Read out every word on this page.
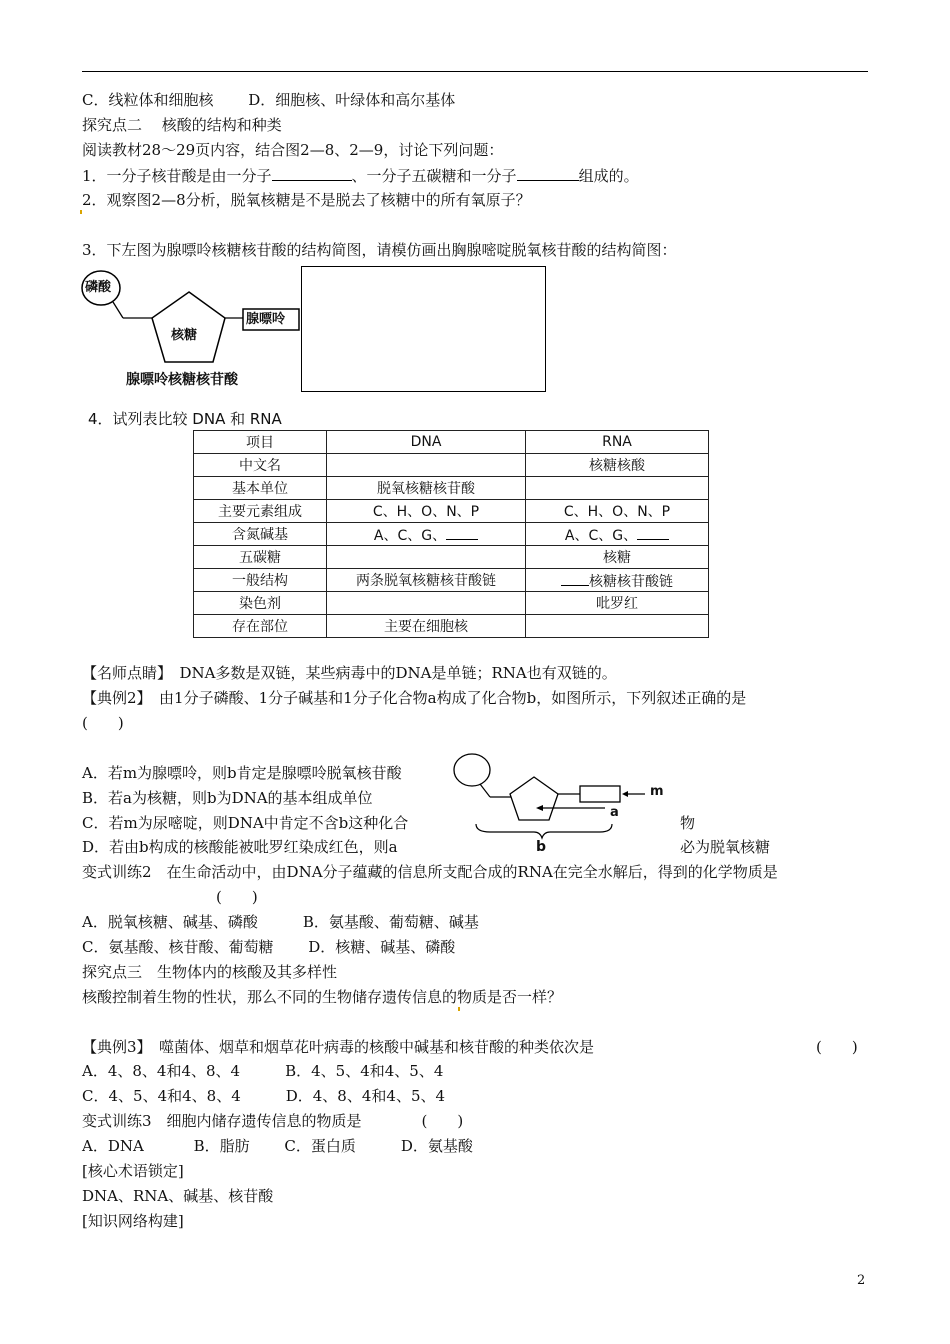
C．线粒体和细胞核　　 D．细胞核、叶绿体和高尔基体
探究点二　 核酸的结构和种类
阅读教材28～29页内容，结合图2—8、2—9，讨论下列问题：
1．一分子核苷酸是由一分子	、一分子五碳糖和一分子	组成的。
2．观察图2—8分析，脱氧核糖是不是脱去了核糖中的所有氧原子？
3．下左图为腺嘌呤核糖核苷酸的结构简图，请模仿画出胸腺嘧啶脱氧核苷酸的结构简图：
磷酸
核糖
腺嘌呤
腺嘌呤核糖核苷酸
4．试列表比较 DNA 和 RNA
项目	DNA	RNA
中文名		核糖核酸
基本单位	脱氧核糖核苷酸	
主要元素组成	C、H、O、N、P	C、H、O、N、P
含氮碱基	A、C、G、	A、C、G、
五碳糖		核糖
一般结构	两条脱氧核糖核苷酸链	核糖核苷酸链
染色剂		吡罗红
存在部位	主要在细胞核	
【名师点睛】　DNA多数是双链，某些病毒中的DNA是单链；RNA也有双链的。
【典例2】　由1分子磷酸、1分子碱基和1分子化合物a构成了化合物b，如图所示，下列叙述正确的是
(　　)
A．若m为腺嘌呤，则b肯定是腺嘌呤脱氧核苷酸
B．若a为核糖，则b为DNA的基本组成单位
C．若m为尿嘧啶，则DNA中肯定不含b这种化合	物
D．若由b构成的核酸能被吡罗红染成红色，则a	必为脱氧核糖
m
a
b
变式训练2　在生命活动中，由DNA分子蕴藏的信息所支配合成的RNA在完全水解后，得到的化学物质是
(　　)
A．脱氧核糖、碱基、磷酸　　　B．氨基酸、葡萄糖、碱基
C．氨基酸、核苷酸、葡萄糖　　 D．核糖、碱基、磷酸
探究点三　生物体内的核酸及其多样性
核酸控制着生物的性状，那么不同的生物储存遗传信息的物质是否一样？
【典例3】　噬菌体、烟草和烟草花叶病毒的核酸中碱基和核苷酸的种类依次是	(　　)
A．4、8、4和4、8、4　　　B．4、5、4和4、5、4
C．4、5、4和4、8、4　　　D．4、8、4和4、5、4
变式训练3　细胞内储存遗传信息的物质是　　　　(　　)
A．DNA　　　 B．脂肪　　 C．蛋白质　　　D．氨基酸
[核心术语锁定]
DNA、RNA、碱基、核苷酸
[知识网络构建]
2
